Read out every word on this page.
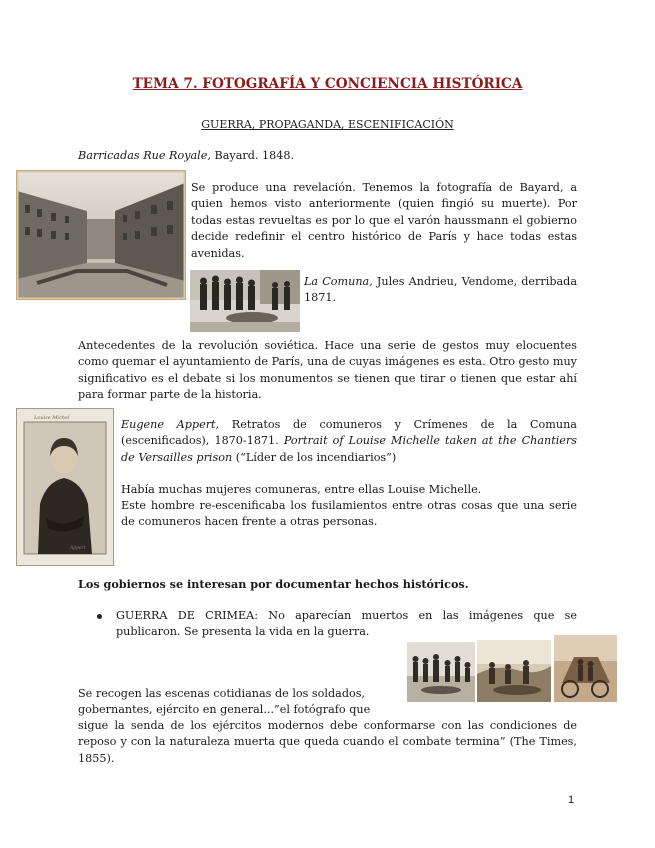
TEMA 7. FOTOGRAFÍA Y CONCIENCIA HISTÓRICA
GUERRA, PROPAGANDA, ESCENIFICACIÓN
Barricadas Rue Royale, Bayard. 1848.
Se produce una revelación. Tenemos la fotografía de Bayard, a quien hemos visto anteriormente (quien fingió su muerte). Por todas estas revueltas es por lo que el varón haussmann el gobierno decide redefinir el centro histórico de París y hace todas estas avenidas.
La Comuna, Jules Andrieu, Vendome, derribada 1871.
Antecedentes de la revolución soviética. Hace una serie de gestos muy elocuentes como quemar el ayuntamiento de París, una de cuyas imágenes es esta. Otro gesto muy significativo es el debate si los monumentos se tienen que tirar o tienen que estar ahí para formar parte de la historia.
Louise Michel
Appert
Eugene Appert, Retratos de comuneros y Crímenes de la Comuna (escenificados), 1870-1871. Portrait of Louise Michelle taken at the Chantiers de Versailles prison (“Líder de los incendiarios”)
Había muchas mujeres comuneras, entre ellas Louise Michelle.
Este hombre re-escenificaba los fusilamientos entre otras cosas que una serie de comuneros hacen frente a otras personas.
Los gobiernos se interesan por documentar hechos históricos.
GUERRA DE CRIMEA: No aparecían muertos en las imágenes que se publicaron. Se presenta la vida en la guerra.
Se recogen las escenas cotidianas de los soldados,
gobernantes, ejército en general...”el fotógrafo que
sigue la senda de los ejércitos modernos debe conformarse con las condiciones de reposo y con la naturaleza muerta que queda cuando el combate termina” (The Times, 1855).
1
